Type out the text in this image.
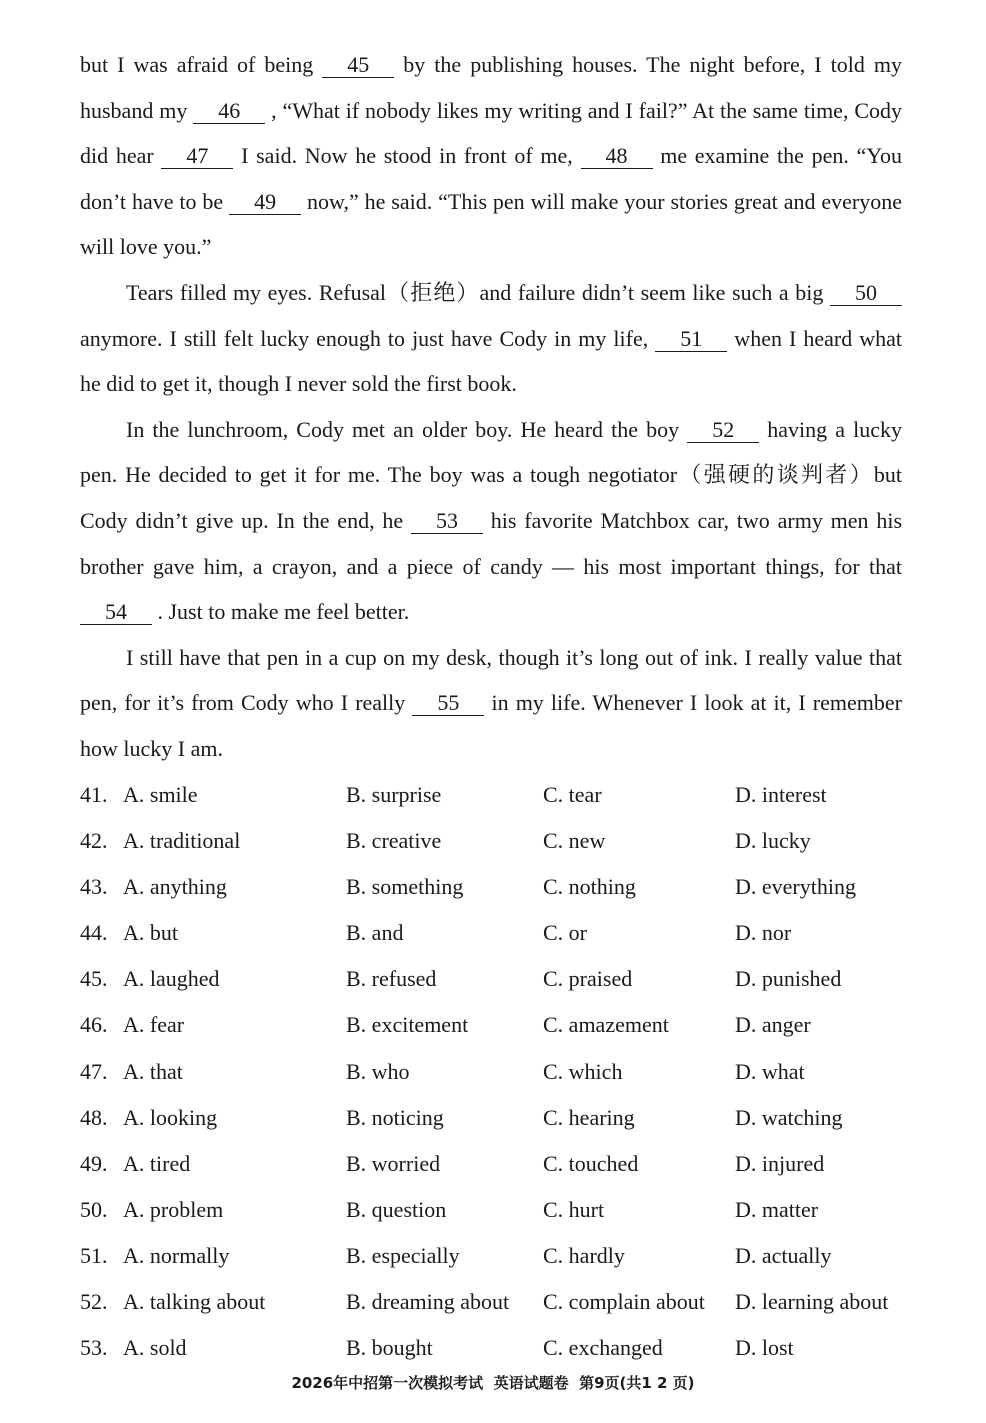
but I was afraid of being 45 by the publishing houses. The night before, I told my husband my 46 , “What if nobody likes my writing and I fail?” At the same time, Cody did hear 47 I said. Now he stood in front of me, 48 me examine the pen. “You don’t have to be 49 now,” he said. “This pen will make your stories great and everyone will love you.”

Tears filled my eyes. Refusal（拒绝）and failure didn’t seem like such a big 50 anymore. I still felt lucky enough to just have Cody in my life, 51 when I heard what he did to get it, though I never sold the first book.

In the lunchroom, Cody met an older boy. He heard the boy 52 having a lucky pen. He decided to get it for me. The boy was a tough negotiator（强硬的谈判者）but Cody didn’t give up. In the end, he 53 his favorite Matchbox car, two army men his brother gave him, a crayon, and a piece of candy — his most important things, for that 54 . Just to make me feel better.

I still have that pen in a cup on my desk, though it’s long out of ink. I really value that pen, for it’s from Cody who I really 55 in my life. Whenever I look at it, I remember how lucky I am.

41. A. smile	B. surprise	C. tear	D. interest
42. A. traditional	B. creative	C. new	D. lucky
43. A. anything	B. something	C. nothing	D. everything
44. A. but	B. and	C. or	D. nor
45. A. laughed	B. refused	C. praised	D. punished
46. A. fear	B. excitement	C. amazement	D. anger
47. A. that	B. who	C. which	D. what
48. A. looking	B. noticing	C. hearing	D. watching
49. A. tired	B. worried	C. touched	D. injured
50. A. problem	B. question	C. hurt	D. matter
51. A. normally	B. especially	C. hardly	D. actually
52. A. talking about	B. dreaming about C. complain about D. learning about
53. A. sold	B. bought	C. exchanged	D. lost
2026年中招第一次模拟考试  英语试题卷  第9页(共1 2 页)
